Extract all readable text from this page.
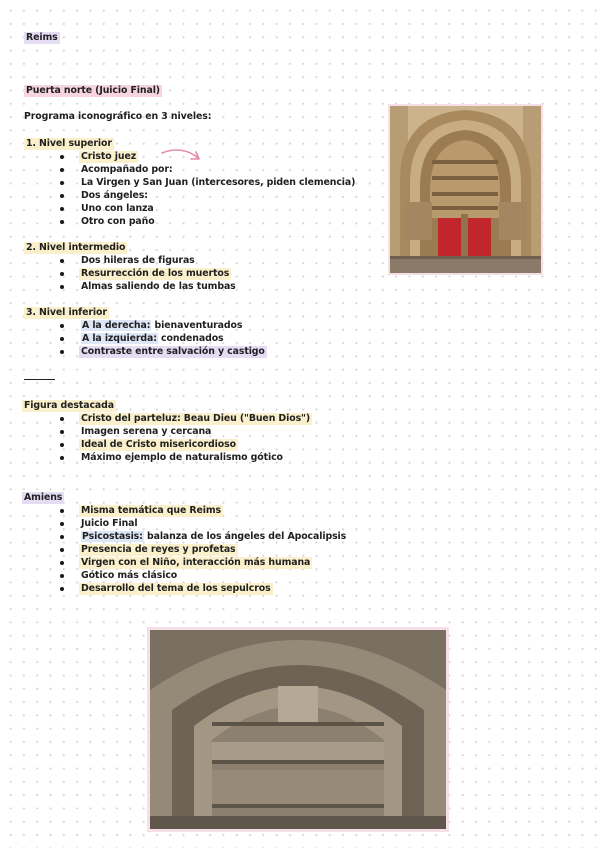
Reims
Puerta norte (Juicio Final)
Programa iconográfico en 3 niveles:
1. Nivel superior
Cristo juez
Acompañado por:
La Virgen y San Juan (intercesores, piden clemencia)
Dos ángeles:
Uno con lanza
Otro con paño
2. Nivel intermedio
Dos hileras de figuras
Resurrección de los muertos
Almas saliendo de las tumbas
3. Nivel inferior
A la derecha: bienaventurados
A la izquierda: condenados
Contraste entre salvación y castigo
Figura destacada
Cristo del parteluz: Beau Dieu ("Buen Dios")
Imagen serena y cercana
Ideal de Cristo misericordioso
Máximo ejemplo de naturalismo gótico
Amiens
Misma temática que Reims
Juicio Final
Psicostasis: balanza de los ángeles del Apocalipsis
Presencia de reyes y profetas
Virgen con el Niño, interacción más humana
Gótico más clásico
Desarrollo del tema de los sepulcros
